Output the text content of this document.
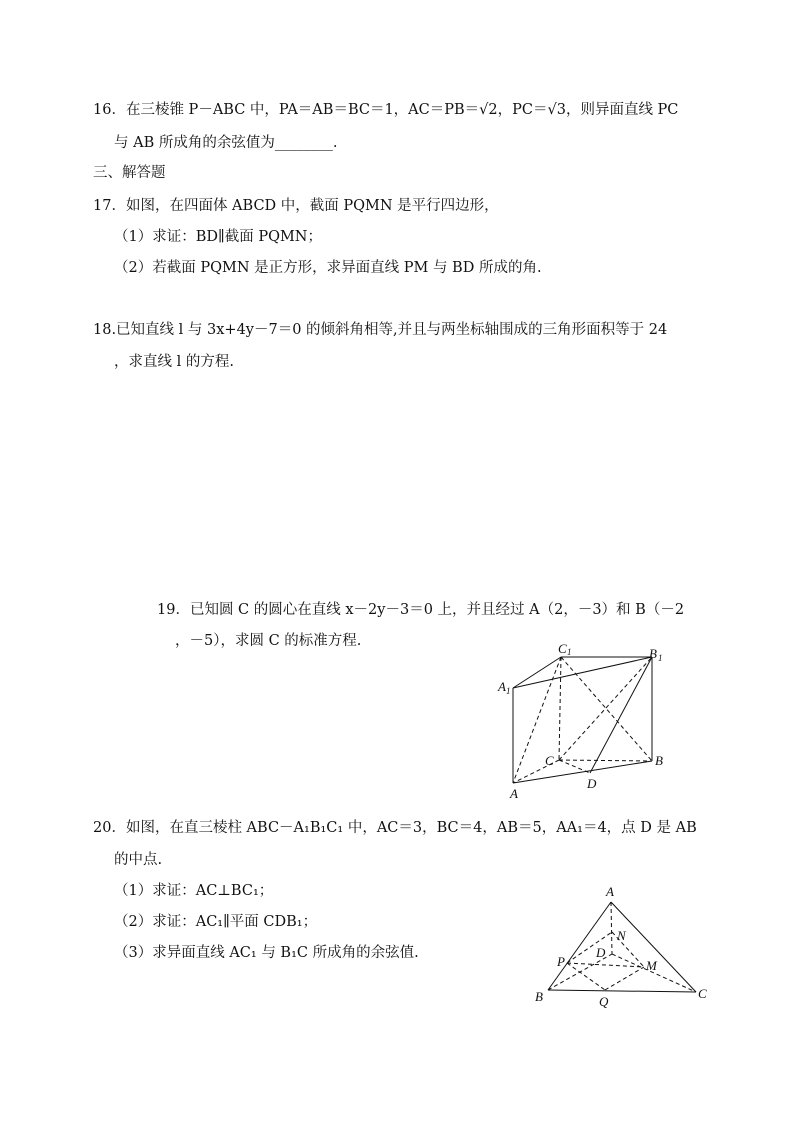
16．在三棱锥 P－ABC 中，PA＝AB＝BC＝1，AC＝PB＝√2，PC＝√3，则异面直线 PC
与 AB 所成角的余弦值为________.
三、解答题
17．如图，在四面体 ABCD 中，截面 PQMN 是平行四边形，
（1）求证：BD∥截面 PQMN；
（2）若截面 PQMN 是正方形，求异面直线 PM 与 BD 所成的角.
18.已知直线 l 与 3x+4y－7＝0 的倾斜角相等,并且与两坐标轴围成的三角形面积等于 24
，求直线 l 的方程.
19．已知圆 C 的圆心在直线 x－2y－3＝0 上，并且经过 A（2，－3）和 B（－2
，－5），求圆 C 的标准方程.	C 1	B 1
A 1
C	B
A
D
20．如图，在直三棱柱 ABC－A₁B₁C₁ 中，AC＝3，BC＝4，AB＝5，AA₁＝4，点 D 是 AB
的中点.
（1）求证：AC⊥BC₁；
（2）求证：AC₁∥平面 CDB₁；
（3）求异面直线 AC₁ 与 B₁C 所成角的余弦值.
A
N
D
P	M
B	Q
C
